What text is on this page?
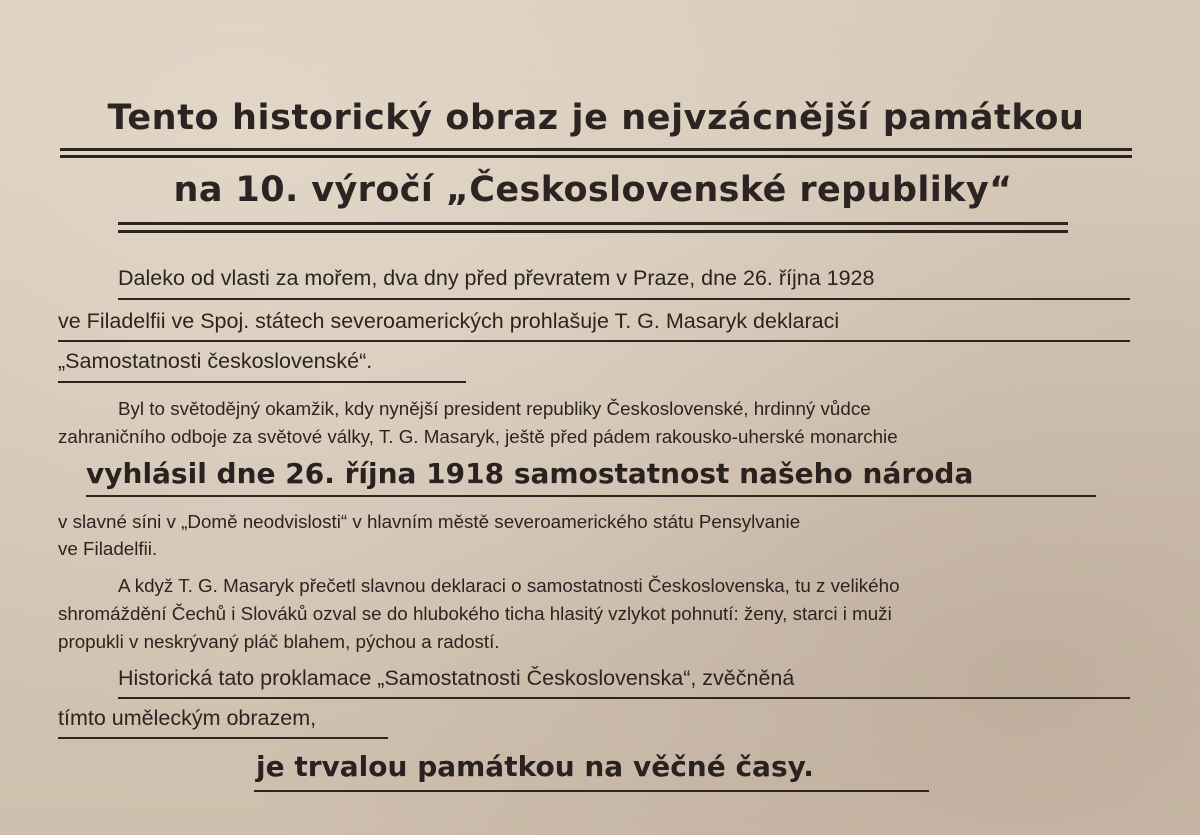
Tento historický obraz je nejvzácnější památkou
na 10. výročí „Československé republiky“
Daleko od vlasti za mořem, dva dny před převratem v Praze, dne 26. října 1928
ve Filadelfii ve Spoj. státech severoamerických prohlašuje T. G. Masaryk deklaraci
„Samostatnosti československé“.
Byl to světodějný okamžik, kdy nynější president republiky Československé, hrdinný vůdce
zahraničního odboje za světové války, T. G. Masaryk, ještě před pádem rakousko-uherské monarchie
vyhlásil dne 26. října 1918 samostatnost našeho národa
v slavné síni v „Domě neodvislosti“ v hlavním městě severoamerického státu Pensylvanie
ve Filadelfii.
A když T. G. Masaryk přečetl slavnou deklaraci o samostatnosti Československa, tu z velikého
shromáždění Čechů i Slováků ozval se do hlubokého ticha hlasitý vzlykot pohnutí: ženy, starci i muži
propukli v neskrývaný pláč blahem, pýchou a radostí.
Historická tato proklamace „Samostatnosti Československa“, zvěčněná
tímto uměleckým obrazem,
je trvalou památkou na věčné časy.
